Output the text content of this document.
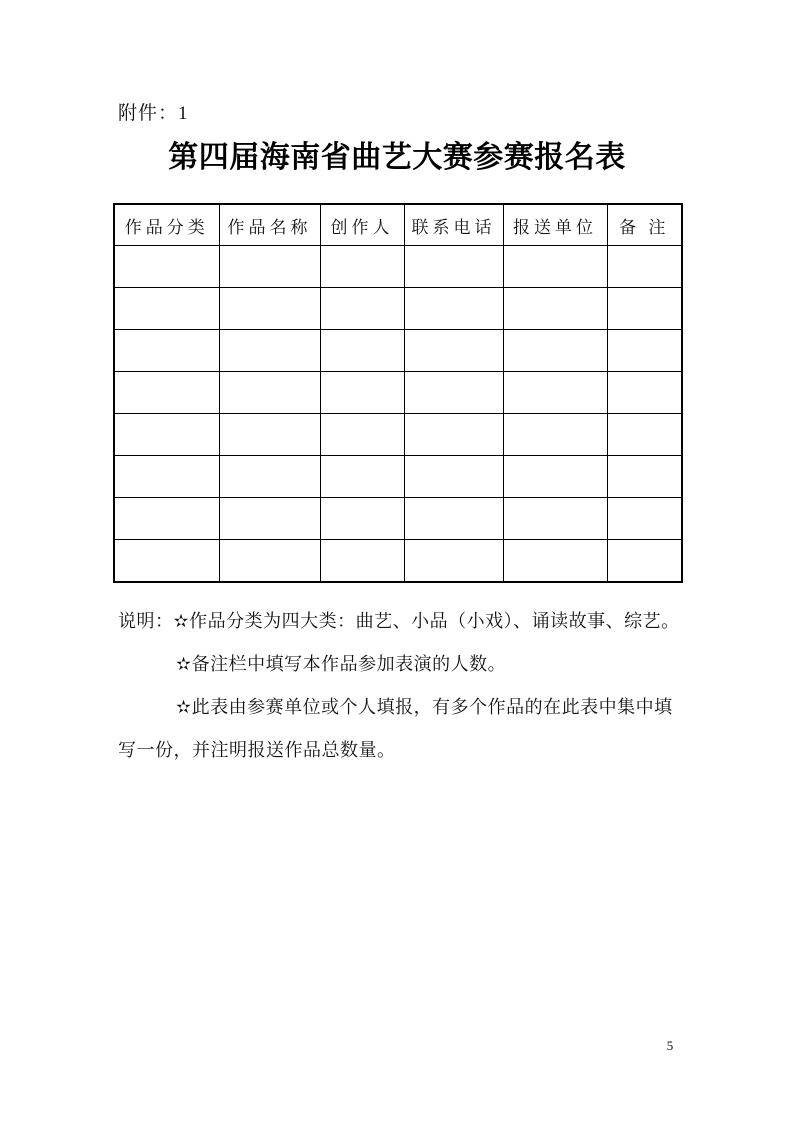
附件：1
第四届海南省曲艺大赛参赛报名表
作品分类	作品名称	创作人	联系电话	报送单位	备 注

说明：✫作品分类为四大类：曲艺、小品（小戏）、诵读故事、综艺。

✫备注栏中填写本作品参加表演的人数。

✫此表由参赛单位或个人填报，有多个作品的在此表中集中填

写一份，并注明报送作品总数量。

5
